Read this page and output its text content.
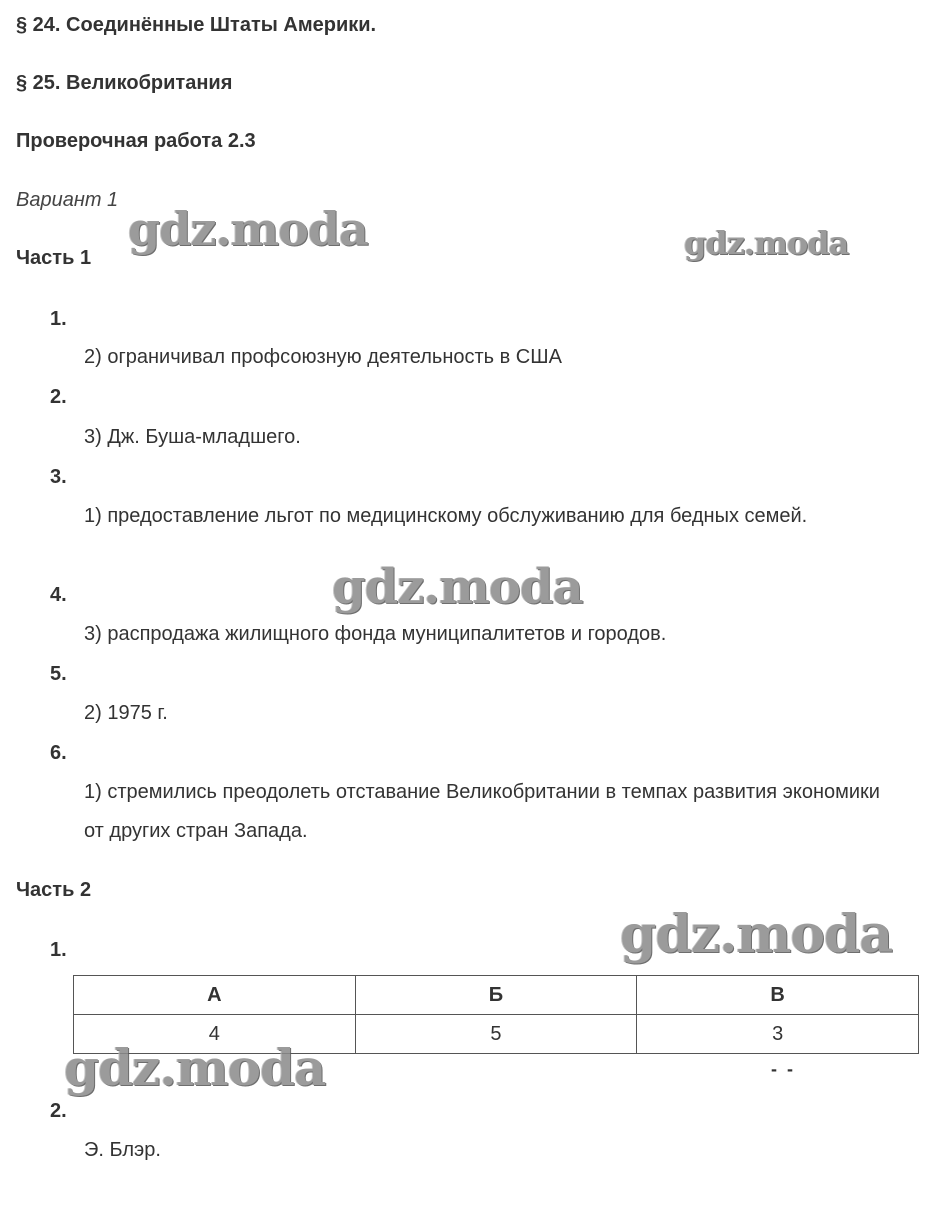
§ 24. Соединённые Штаты Америки.
§ 25. Великобритания
Проверочная работа 2.3
Вариант 1
Часть 1
1.
2) ограничивал профсоюзную деятельность в США
2.
3) Дж. Буша-младшего.
3.
1) предоставление льгот по медицинскому обслуживанию для бедных семей.
4.
3) распродажа жилищного фонда муниципалитетов и городов.
5.
2) 1975 г.
6.
1) стремились преодолеть отставание Великобритании в темпах развития экономики от других стран Запада.
Часть 2
1.
А	Б	В
4	5	3
-  -
2.
Э. Блэр.
gdz.moda	gdz.moda
gdz.moda
gdz.moda
gdz.moda
